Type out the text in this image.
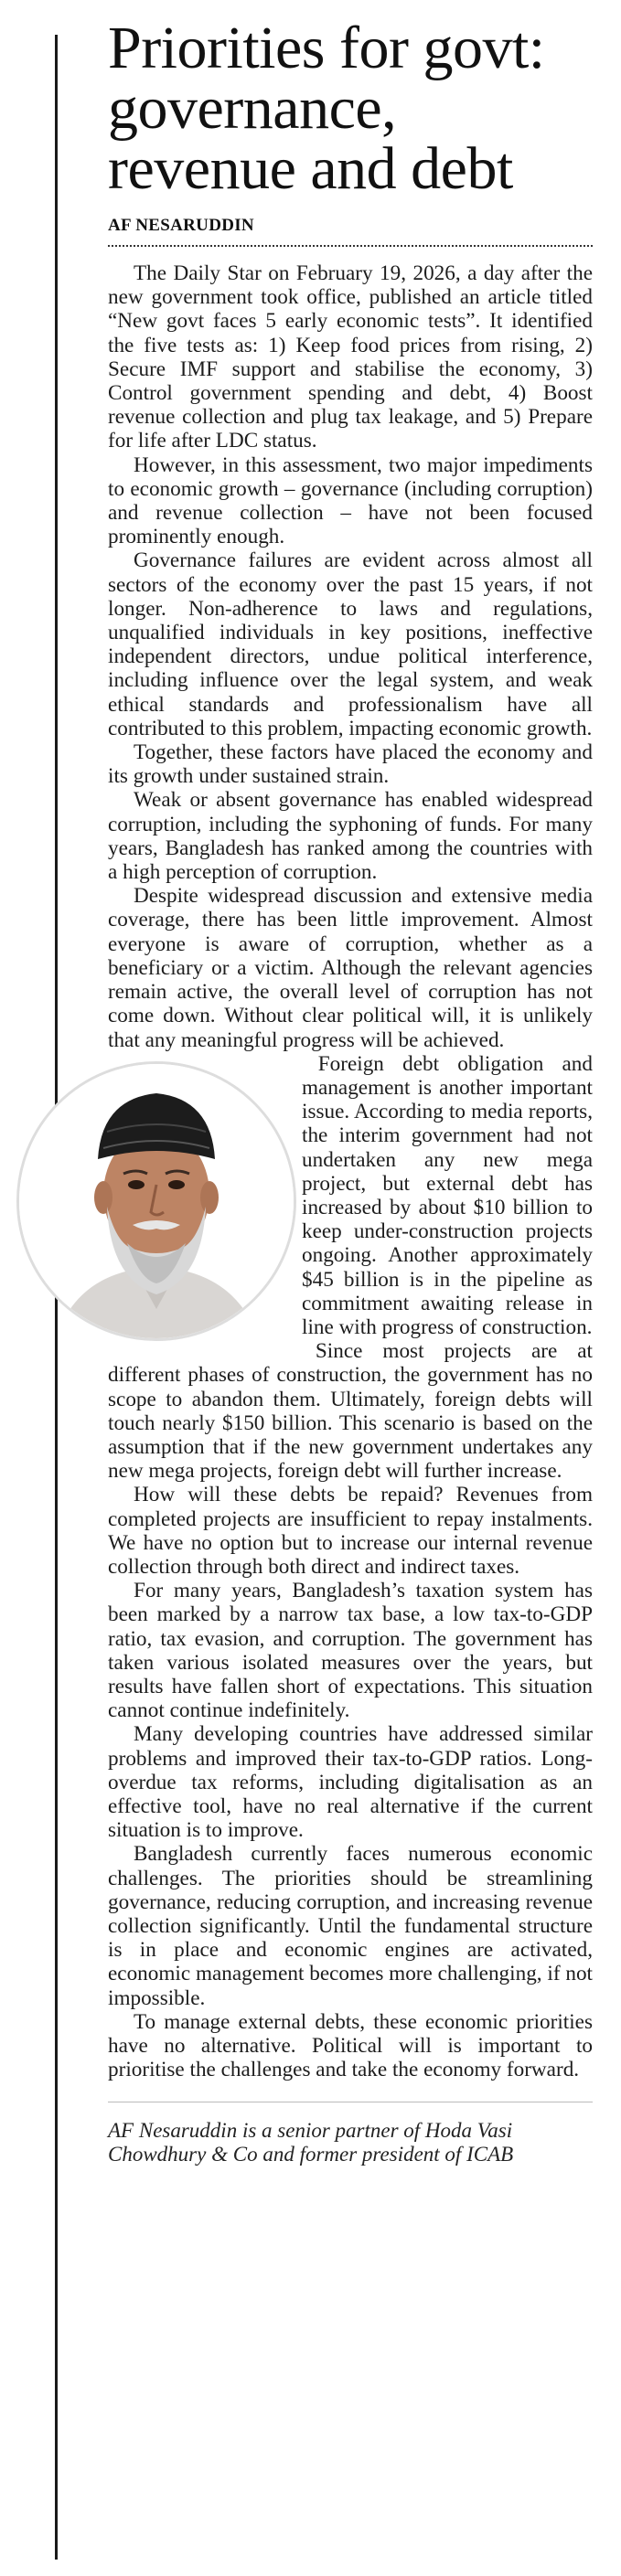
Priorities for govt: governance, revenue and debt
AF NESARUDDIN

The Daily Star on February 19, 2026, a day after the new government took office, published an article titled “New govt faces 5 early economic tests”. It identified the five tests as: 1) Keep food prices from rising, 2) Secure IMF support and stabilise the economy, 3) Control government spending and debt, 4) Boost revenue collection and plug tax leakage, and 5) Prepare for life after LDC status.

However, in this assessment, two major impediments to economic growth – governance (including corruption) and revenue collection – have not been focused prominently enough.

Governance failures are evident across almost all sectors of the economy over the past 15 years, if not longer. Non-adherence to laws and regulations, unqualified individuals in key positions, ineffective independent directors, undue political interference, including influence over the legal system, and weak ethical standards and professionalism have all contributed to this problem, impacting economic growth.

Together, these factors have placed the economy and its growth under sustained strain.

Weak or absent governance has enabled widespread corruption, including the syphoning of funds. For many years, Bangladesh has ranked among the countries with a high perception of corruption.

Despite widespread discussion and extensive media coverage, there has been little improvement. Almost everyone is aware of corruption, whether as a beneficiary or a victim. Although the relevant agencies remain active, the overall level of corruption has not come down. Without clear political will, it is unlikely that any meaningful progress will be achieved.

Foreign debt obligation and management is another important issue. According to media reports, the interim government had not undertaken any new mega project, but external debt has increased by about $10 billion to keep under-construction projects ongoing. Another approximately $45 billion is in the pipeline as commitment awaiting release in line with progress of construction.

Since most projects are at different phases of construction, the government has no scope to abandon them. Ultimately, foreign debts will touch nearly $150 billion. This scenario is based on the assumption that if the new government undertakes any new mega projects, foreign debt will further increase.

How will these debts be repaid? Revenues from completed projects are insufficient to repay instalments. We have no option but to increase our internal revenue collection through both direct and indirect taxes.

For many years, Bangladesh’s taxation system has been marked by a narrow tax base, a low tax-to-GDP ratio, tax evasion, and corruption. The government has taken various isolated measures over the years, but results have fallen short of expectations. This situation cannot continue indefinitely.

Many developing countries have addressed similar problems and improved their tax-to-GDP ratios. Long-overdue tax reforms, including digitalisation as an effective tool, have no real alternative if the current situation is to improve.

Bangladesh currently faces numerous economic challenges. The priorities should be streamlining governance, reducing corruption, and increasing revenue collection significantly. Until the fundamental structure is in place and economic engines are activated, economic management becomes more challenging, if not impossible.

To manage external debts, these economic priorities have no alternative. Political will is important to prioritise the challenges and take the economy forward.

AF Nesaruddin is a senior partner of Hoda Vasi Chowdhury & Co and former president of ICAB
